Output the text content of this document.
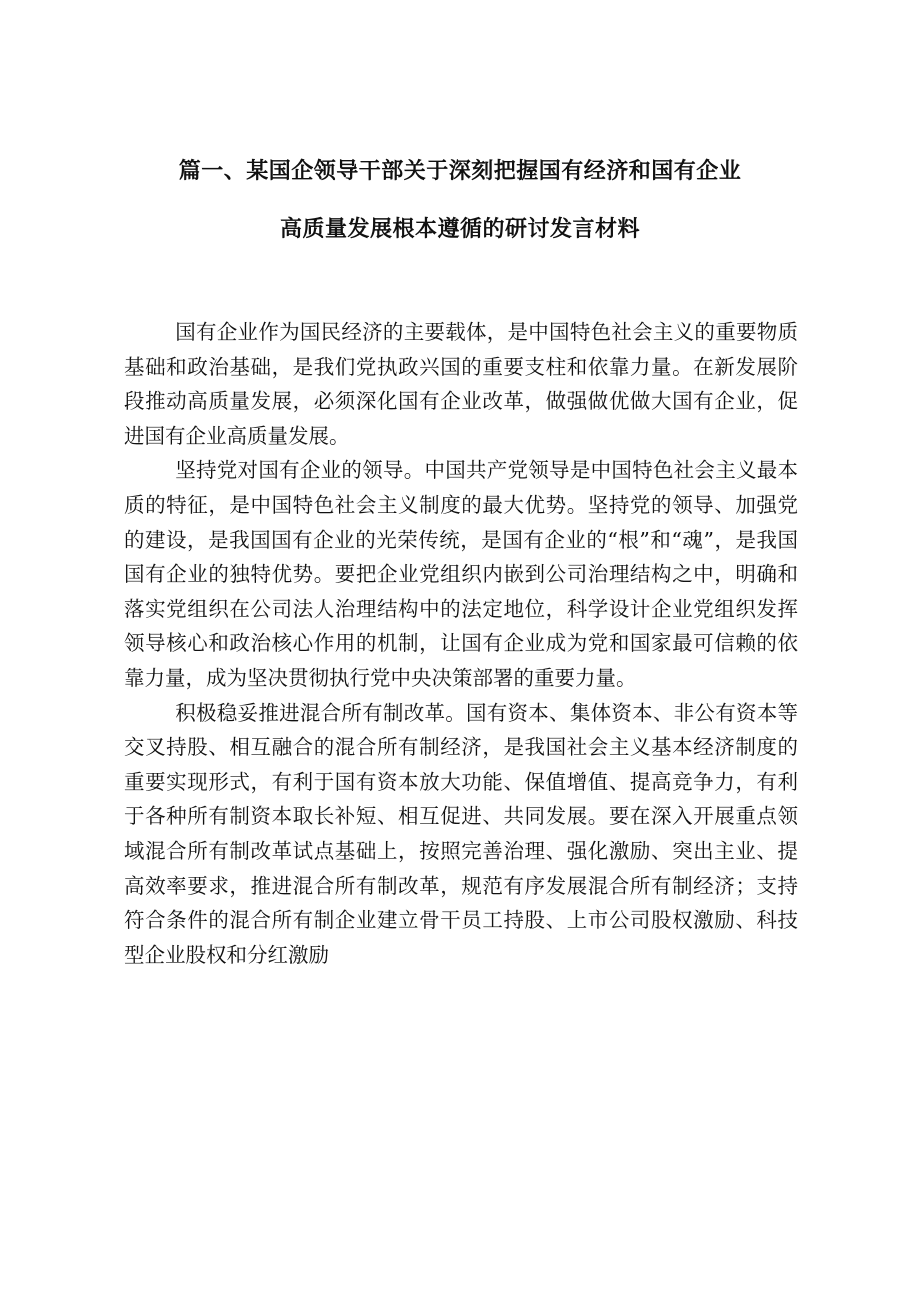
篇一、某国企领导干部关于深刻把握国有经济和国有企业
高质量发展根本遵循的研讨发言材料

国有企业作为国民经济的主要载体，是中国特色社会主义的重要物质基础和政治基础，是我们党执政兴国的重要支柱和依靠力量。在新发展阶段推动高质量发展，必须深化国有企业改革，做强做优做大国有企业，促进国有企业高质量发展。

坚持党对国有企业的领导。中国共产党领导是中国特色社会主义最本质的特征，是中国特色社会主义制度的最大优势。坚持党的领导、加强党的建设，是我国国有企业的光荣传统，是国有企业的“根”和“魂”，是我国国有企业的独特优势。要把企业党组织内嵌到公司治理结构之中，明确和落实党组织在公司法人治理结构中的法定地位，科学设计企业党组织发挥领导核心和政治核心作用的机制，让国有企业成为党和国家最可信赖的依靠力量，成为坚决贯彻执行党中央决策部署的重要力量。

积极稳妥推进混合所有制改革。国有资本、集体资本、非公有资本等交叉持股、相互融合的混合所有制经济，是我国社会主义基本经济制度的重要实现形式，有利于国有资本放大功能、保值增值、提高竞争力，有利于各种所有制资本取长补短、相互促进、共同发展。要在深入开展重点领域混合所有制改革试点基础上，按照完善治理、强化激励、突出主业、提高效率要求，推进混合所有制改革，规范有序发展混合所有制经济；支持符合条件的混合所有制企业建立骨干员工持股、上市公司股权激励、科技型企业股权和分红激励
